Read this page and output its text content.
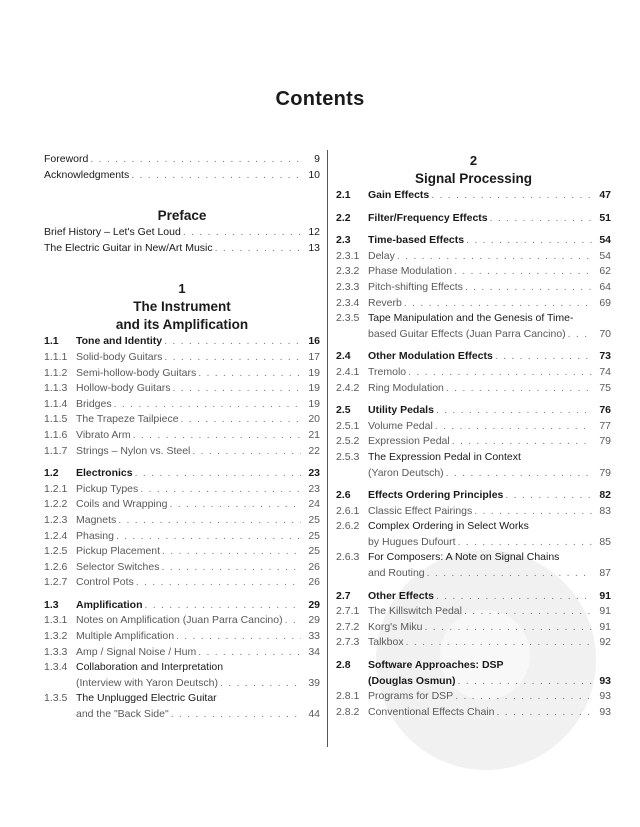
Contents
Foreword . . .	9
Acknowledgments . . .	10
Preface
Brief History – Let's Get Loud . . .	12
The Electric Guitar in New/Art Music . . .	13
1
The Instrument
and its Amplification
1.1	Tone and Identity . . .	16
1.1.1 Solid-body Guitars . . .	17
1.1.2 Semi-hollow-body Guitars . . .	19
1.1.3 Hollow-body Guitars . . .	19
1.1.4 Bridges . . .	19
1.1.5 The Trapeze Tailpiece . . .	20
1.1.6 Vibrato Arm . . .	21
1.1.7 Strings – Nylon vs. Steel . . .	22
1.2	Electronics . . .	23
1.2.1 Pickup Types . . .	23
1.2.2 Coils and Wrapping . . .	24
1.2.3 Magnets . . .	25
1.2.4 Phasing . . .	25
1.2.5 Pickup Placement . . .	25
1.2.6 Selector Switches . . .	26
1.2.7 Control Pots . . .	26
1.3	Amplification . . .	29
1.3.1 Notes on Amplification (Juan Parra Cancino) . . .	29
1.3.2 Multiple Amplification . . .	33
1.3.3 Amp / Signal Noise / Hum . . .	34
1.3.4 Collaboration and Interpretation
(Interview with Yaron Deutsch) . . .	39
1.3.5 The Unplugged Electric Guitar
and the "Back Side" . . .	44
2
Signal Processing
2.1	Gain Effects . . .	47
2.2	Filter/Frequency Effects . . .	51
2.3	Time-based Effects . . .	54
2.3.1 Delay . . .	54
2.3.2 Phase Modulation . . .	62
2.3.3 Pitch-shifting Effects . . .	64
2.3.4 Reverb . . .	69
2.3.5 Tape Manipulation and the Genesis of Time-
based Guitar Effects (Juan Parra Cancino) . . .	70
2.4	Other Modulation Effects . . .	73
2.4.1 Tremolo . . .	74
2.4.2 Ring Modulation . . .	75
2.5	Utility Pedals . . .	76
2.5.1 Volume Pedal . . .	77
2.5.2 Expression Pedal . . .	79
2.5.3 The Expression Pedal in Context
(Yaron Deutsch) . . .	79
2.6	Effects Ordering Principles . . .	82
2.6.1 Classic Effect Pairings . . .	83
2.6.2 Complex Ordering in Select Works
by Hugues Dufourt . . .	85
2.6.3 For Composers: A Note on Signal Chains
and Routing . . .	87
2.7	Other Effects . . .	91
2.7.1 The Killswitch Pedal . . .	91
2.7.2 Korg's Miku . . .	91
2.7.3 Talkbox . . .	92
2.8	Software Approaches: DSP
(Douglas Osmun) . . .	93
2.8.1 Programs for DSP . . .	93
2.8.2 Conventional Effects Chain . . .	93
